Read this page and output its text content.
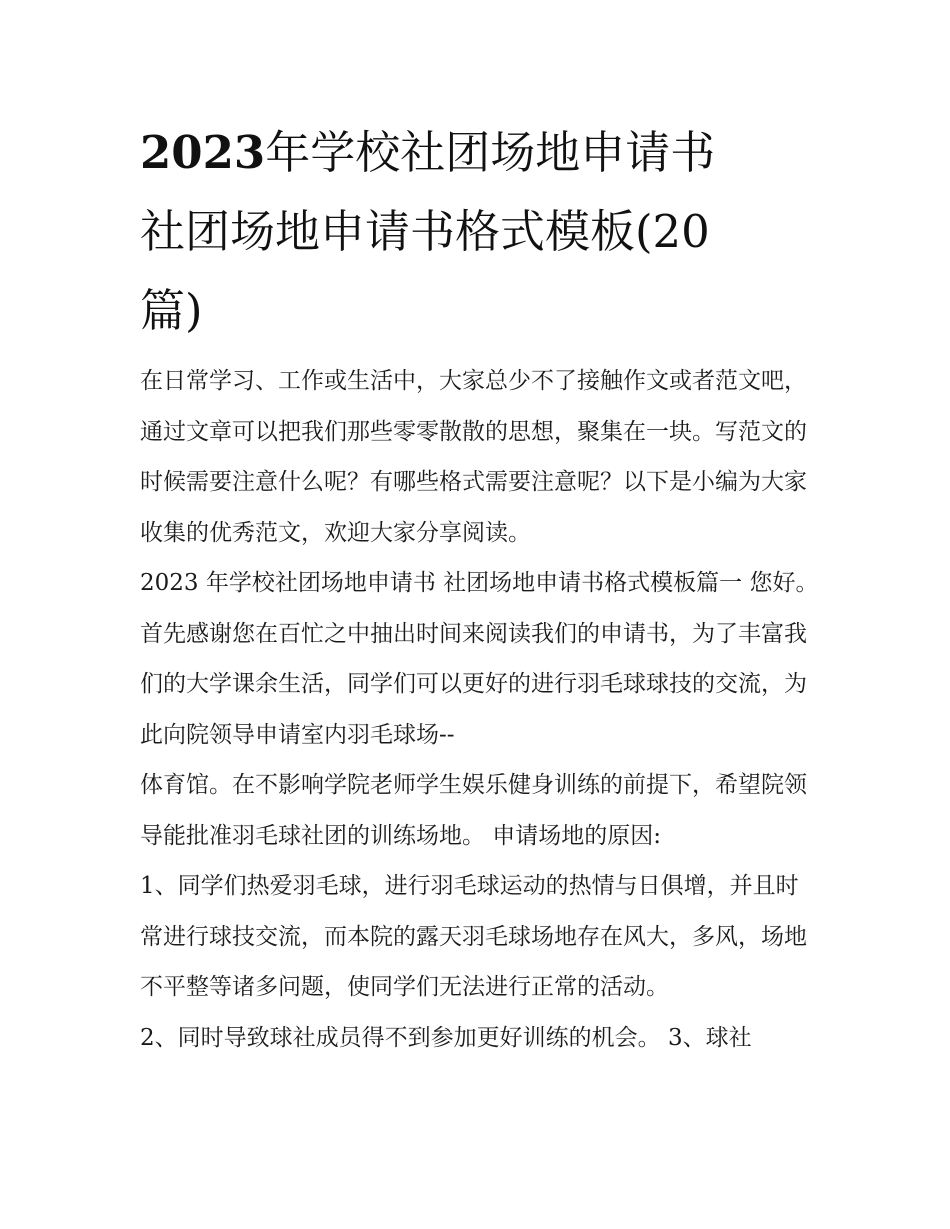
2023年学校社团场地申请书
社团场地申请书格式模板(20
篇)

在日常学习、工作或生活中，大家总少不了接触作文或者范文吧，通过文章可以把我们那些零零散散的思想，聚集在一块。写范文的时候需要注意什么呢？有哪些格式需要注意呢？以下是小编为大家收集的优秀范文，欢迎大家分享阅读。

2023 年学校社团场地申请书 社团场地申请书格式模板篇一 您好。

首先感谢您在百忙之中抽出时间来阅读我们的申请书，为了丰富我们的大学课余生活，同学们可以更好的进行羽毛球球技的交流，为此向院领导申请室内羽毛球场--

体育馆。在不影响学院老师学生娱乐健身训练的前提下，希望院领导能批准羽毛球社团的训练场地。 申请场地的原因:

1、同学们热爱羽毛球，进行羽毛球运动的热情与日俱增，并且时常进行球技交流，而本院的露天羽毛球场地存在风大，多风，场地不平整等诸多问题，使同学们无法进行正常的活动。

2、同时导致球社成员得不到参加更好训练的机会。 3、球社
